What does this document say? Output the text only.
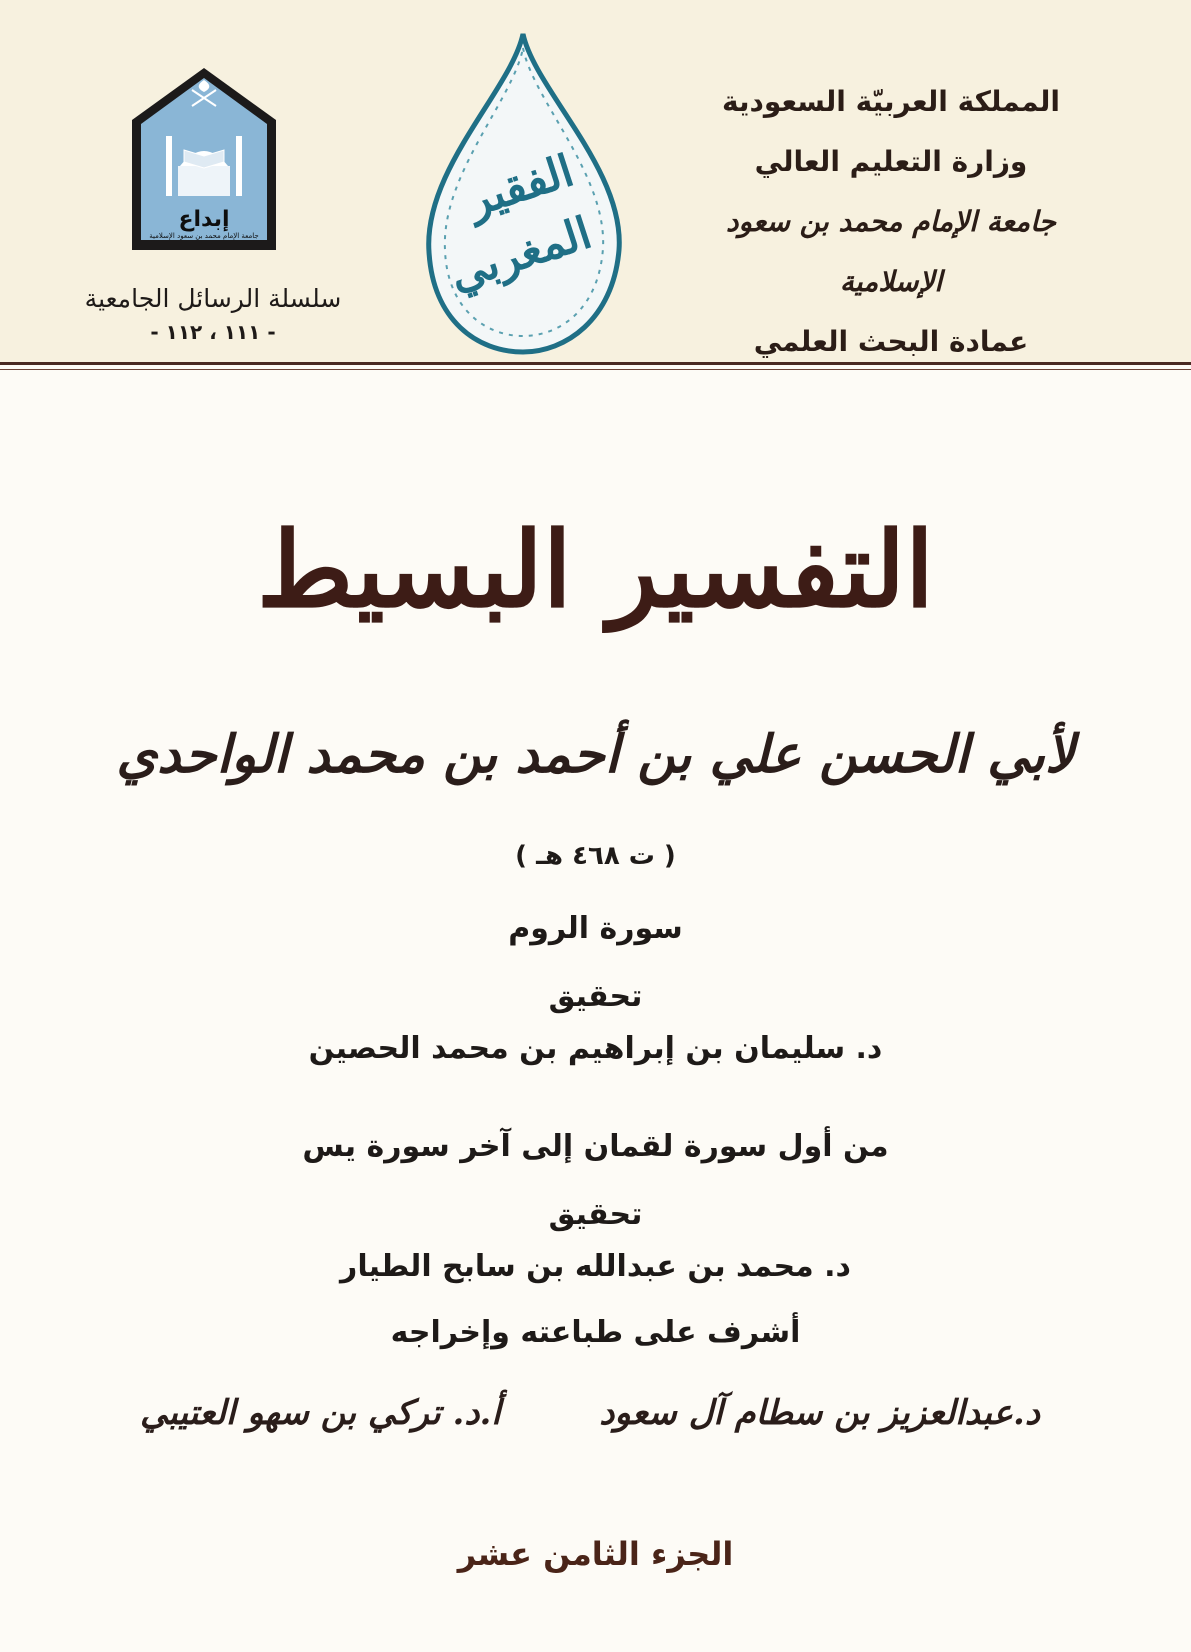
المملكة العربيّة السعودية
وزارة التعليم العالي
جامعة الإمام محمد بن سعود الإسلامية
عمادة البحث العلمي
إبداع
جامعة الإمام محمد بن سعود الإسلامية
سلسلة الرسائل الجامعية
- ١١١ ، ١١٢ -
الفقير
المغربي
التفسير البسيط
لأبي الحسن علي بن أحمد بن محمد الواحدي
( ت ٤٦٨ هـ )
سورة الروم
تحقيق
د. سليمان بن إبراهيم بن محمد الحصين
من أول سورة لقمان إلى آخر سورة يس
تحقيق
د. محمد بن عبدالله بن سابح الطيار
أشرف على طباعته وإخراجه
د.عبدالعزيز بن سطام آل سعود
أ.د. تركي بن سهو العتيبي
الجزء الثامن عشر
